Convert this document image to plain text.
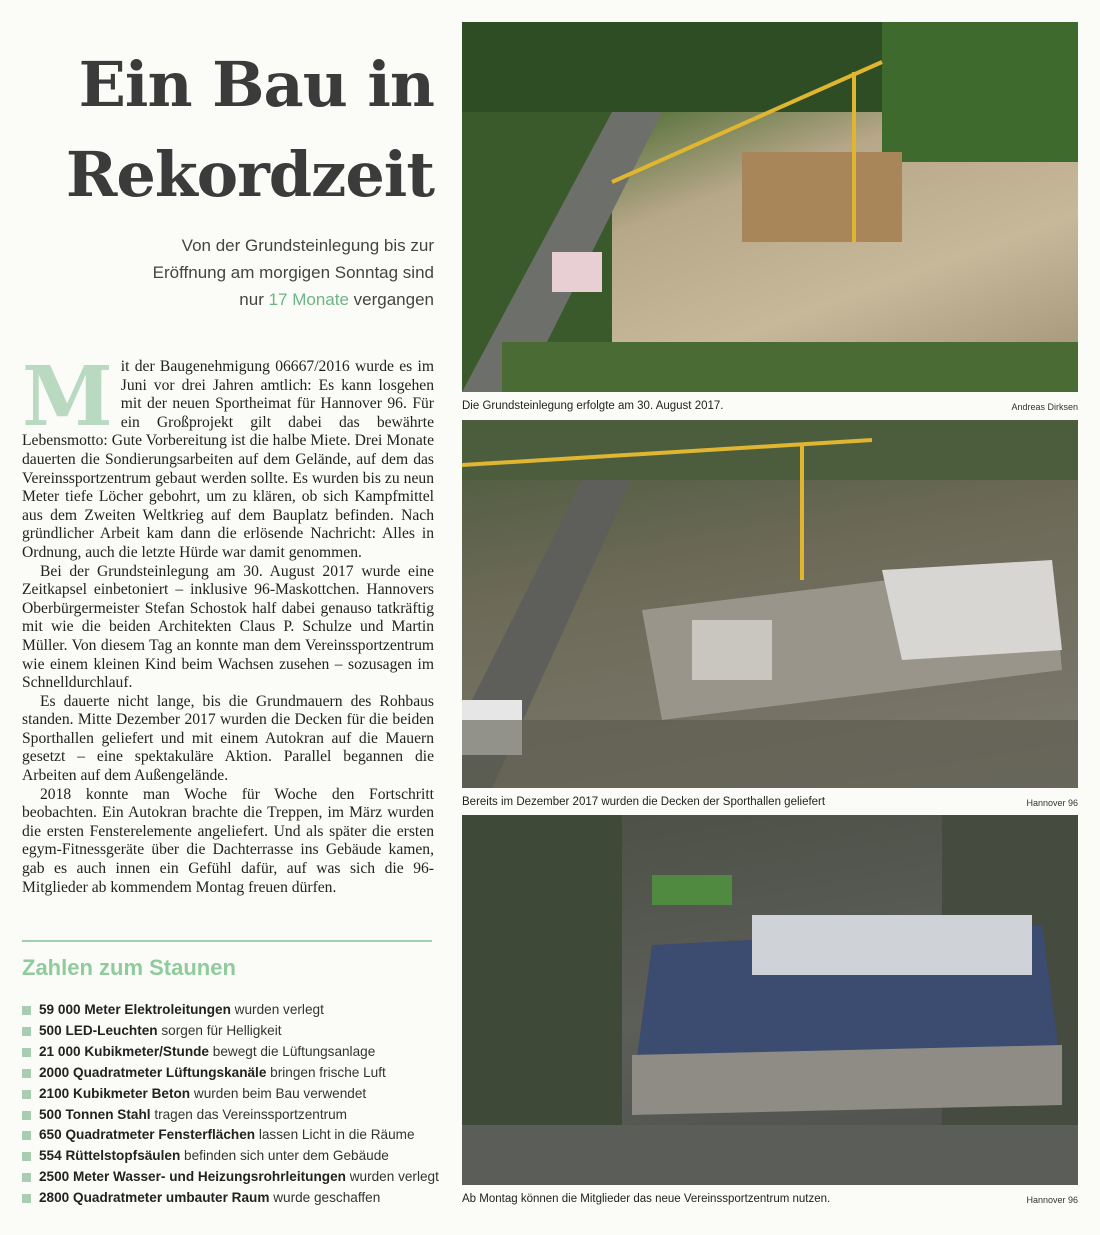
Ein Bau in
Rekordzeit
Von der Grundsteinlegung bis zur
Eröffnung am morgigen Sonntag sind
nur 17 Monate vergangen

Mit der Baugenehmigung 06667/2016 wurde es im Juni vor drei Jahren amtlich: Es kann losgehen mit der neuen Sportheimat für Hannover 96. Für ein Großprojekt gilt dabei das bewährte Lebensmotto: Gute Vorbereitung ist die halbe Miete. Drei Monate dauerten die Sondierungsarbeiten auf dem Gelände, auf dem das Vereinssportzentrum gebaut werden sollte. Es wurden bis zu neun Meter tiefe Löcher gebohrt, um zu klären, ob sich Kampfmittel aus dem Zweiten Weltkrieg auf dem Bauplatz befinden. Nach gründlicher Arbeit kam dann die erlösende Nachricht: Alles in Ordnung, auch die letzte Hürde war damit genommen.

Bei der Grundsteinlegung am 30. August 2017 wurde eine Zeitkapsel einbetoniert – inklusive 96-Maskottchen. Hannovers Oberbürgermeister Stefan Schostok half dabei genauso tatkräftig mit wie die beiden Architekten Claus P. Schulze und Martin Müller. Von diesem Tag an konnte man dem Vereinssportzentrum wie einem kleinen Kind beim Wachsen zusehen – sozusagen im Schnelldurchlauf.

Es dauerte nicht lange, bis die Grundmauern des Rohbaus standen. Mitte Dezember 2017 wurden die Decken für die beiden Sporthallen geliefert und mit einem Autokran auf die Mauern gesetzt – eine spektakuläre Aktion. Parallel begannen die Arbeiten auf dem Außengelände.

2018 konnte man Woche für Woche den Fortschritt beobachten. Ein Autokran brachte die Treppen, im März wurden die ersten Fensterelemente angeliefert. Und als später die ersten egym-Fitnessgeräte über die Dachterrasse ins Gebäude kamen, gab es auch innen ein Gefühl dafür, auf was sich die 96-Mitglieder ab kommendem Montag freuen dürfen.

Zahlen zum Staunen
59 000 Meter Elektroleitungen wurden verlegt
500 LED-Leuchten sorgen für Helligkeit
21 000 Kubikmeter/Stunde bewegt die Lüftungsanlage
2000 Quadratmeter Lüftungskanäle bringen frische Luft
2100 Kubikmeter Beton wurden beim Bau verwendet
500 Tonnen Stahl tragen das Vereinssportzentrum
650 Quadratmeter Fensterflächen lassen Licht in die Räume
554 Rüttelstopfsäulen befinden sich unter dem Gebäude
2500 Meter Wasser- und Heizungsrohrleitungen wurden verlegt
2800 Quadratmeter umbauter Raum wurde geschaffen
Die Grundsteinlegung erfolgte am 30. August 2017.	Andreas Dirksen
Bereits im Dezember 2017 wurden die Decken der Sporthallen geliefert	Hannover 96
Ab Montag können die Mitglieder das neue Vereinssportzentrum nutzen.	Hannover 96
